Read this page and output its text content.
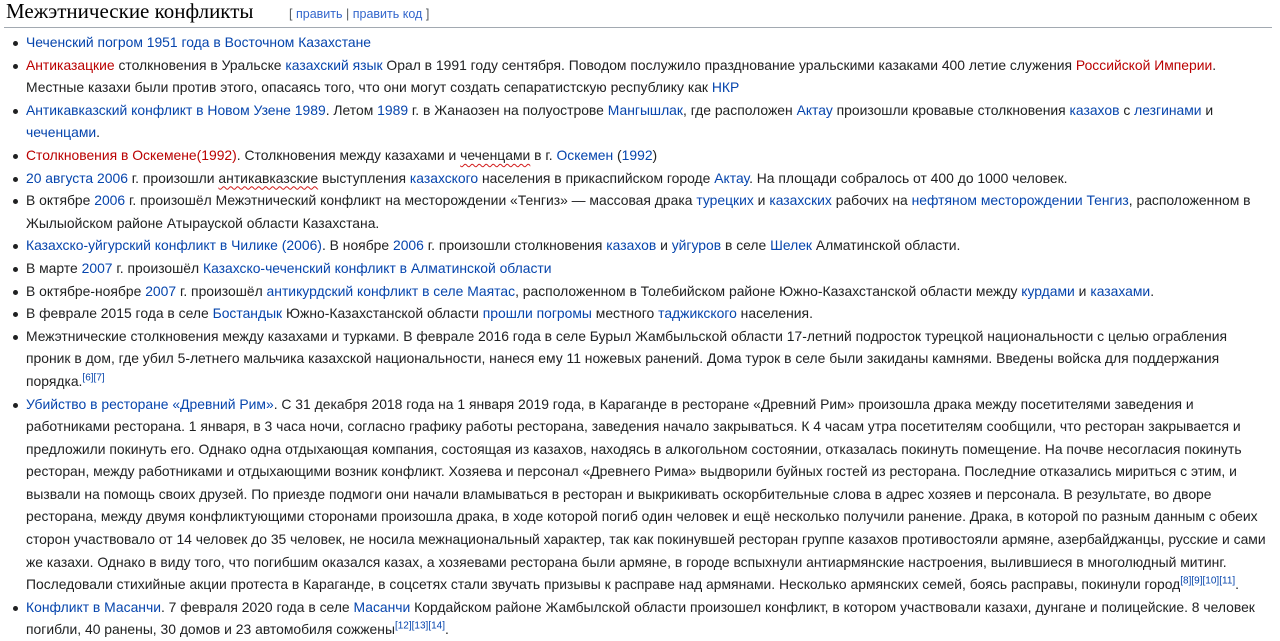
Межэтнические конфликты	[ править | править код ]
Чеченский погром 1951 года в Восточном Казахстане
Антиказацкие столкновения в Уральске казахский язык Орал в 1991 году сентября. Поводом послужило празднование уральскими казаками 400 летие служения Российской Империи. Местные казахи были против этого, опасаясь того, что они могут создать сепаратистскую республику как НКР
Антикавказский конфликт в Новом Узене 1989. Летом 1989 г. в Жанаозен на полуострове Мангышлак, где расположен Актау произошли кровавые столкновения казахов с лезгинами и чеченцами.
Столкновения в Оскемене(1992). Столкновения между казахами и чеченцами в г. Оскемен (1992)
20 августа 2006 г. произошли антикавказские выступления казахского населения в прикаспийском городе Актау. На площади собралось от 400 до 1000 человек.
В октябре 2006 г. произошёл Межэтнический конфликт на месторождении «Тенгиз» — массовая драка турецких и казахских рабочих на нефтяном месторождении Тенгиз, расположенном в Жылыойском районе Атырауской области Казахстана.
Казахско-уйгурский конфликт в Чилике (2006). В ноябре 2006 г. произошли столкновения казахов и уйгуров в селе Шелек Алматинской области.
В марте 2007 г. произошёл Казахско-чеченский конфликт в Алматинской области
В октябре-ноябре 2007 г. произошёл антикурдский конфликт в селе Маятас, расположенном в Толебийском районе Южно-Казахстанской области между курдами и казахами.
В феврале 2015 года в селе Бостандык Южно-Казахстанской области прошли погромы местного таджикского населения.
Межэтнические столкновения между казахами и турками. В феврале 2016 года в селе Бурыл Жамбыльской области 17-летний подросток турецкой национальности с целью ограбления проник в дом, где убил 5-летнего мальчика казахской национальности, нанеся ему 11 ножевых ранений. Дома турок в селе были закиданы камнями. Введены войска для поддержания порядка.[6][7]
Убийство в ресторане «Древний Рим». С 31 декабря 2018 года на 1 января 2019 года, в Караганде в ресторане «Древний Рим» произошла драка между посетителями заведения и работниками ресторана. 1 января, в 3 часа ночи, согласно графику работы ресторана, заведения начало закрываться. К 4 часам утра посетителям сообщили, что ресторан закрывается и предложили покинуть его. Однако одна отдыхающая компания, состоящая из казахов, находясь в алкогольном состоянии, отказалась покинуть помещение. На почве несогласия покинуть ресторан, между работниками и отдыхающими возник конфликт. Хозяева и персонал «Древнего Рима» выдворили буйных гостей из ресторана. Последние отказались мириться с этим, и вызвали на помощь своих друзей. По приезде подмоги они начали вламываться в ресторан и выкрикивать оскорбительные слова в адрес хозяев и персонала. В результате, во дворе ресторана, между двумя конфликтующими сторонами произошла драка, в ходе которой погиб один человек и ещё несколько получили ранение. Драка, в которой по разным данным с обеих сторон участвовало от 14 человек до 35 человек, не носила межнациональный характер, так как покинувшей ресторан группе казахов противостояли армяне, азербайджанцы, русские и сами же казахи. Однако в виду того, что погибшим оказался казах, а хозяевами ресторана были армяне, в городе вспыхнули антиармянские настроения, вылившиеся в многолюдный митинг. Последовали стихийные акции протеста в Караганде, в соцсетях стали звучать призывы к расправе над армянами. Несколько армянских семей, боясь расправы, покинули город[8][9][10][11].
Конфликт в Масанчи. 7 февраля 2020 года в селе Масанчи Кордайском районе Жамбылской области произошел конфликт, в котором участвовали казахи, дунгане и полицейские. 8 человек погибли, 40 ранены, 30 домов и 23 автомобиля сожжены[12][13][14].
